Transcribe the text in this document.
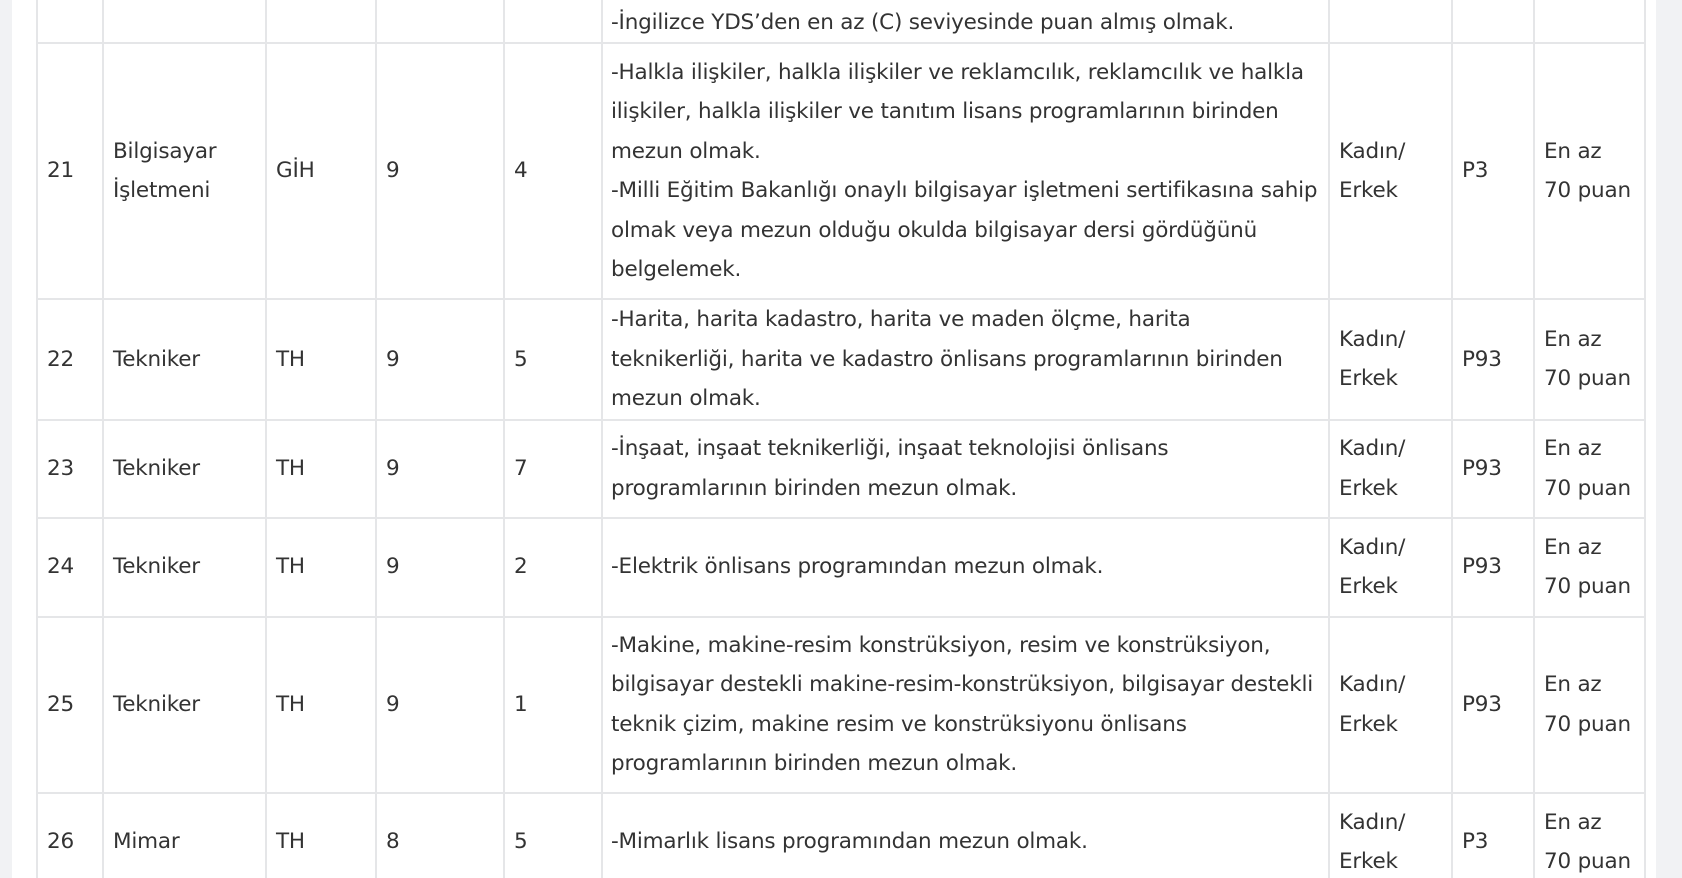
					-İngilizce YDS’den en az (C) seviyesinde puan almış olmak.			

21	Bilgisayar İşletmeni	GİH	9	4	-Halkla ilişkiler, halkla ilişkiler ve reklamcılık, reklamcılık ve halkla ilişkiler, halkla ilişkiler ve tanıtım lisans programlarının birinden mezun olmak.
-Milli Eğitim Bakanlığı onaylı bilgisayar işletmeni sertifikasına sahip olmak veya mezun olduğu okulda bilgisayar dersi gördüğünü belgelemek.	Kadın/ Erkek	P3	En az 70 puan

22	Tekniker	TH	9	5	-Harita, harita kadastro, harita ve maden ölçme, harita teknikerliği, harita ve kadastro önlisans programlarının birinden mezun olmak.	Kadın/ Erkek	P93	En az 70 puan

23	Tekniker	TH	9	7	-İnşaat, inşaat teknikerliği, inşaat teknolojisi önlisans programlarının birinden mezun olmak.	Kadın/ Erkek	P93	En az 70 puan

24	Tekniker	TH	9	2	-Elektrik önlisans programından mezun olmak.	Kadın/ Erkek	P93	En az 70 puan

25	Tekniker	TH	9	1	-Makine, makine-resim konstrüksiyon, resim ve konstrüksiyon, bilgisayar destekli makine-resim-konstrüksiyon, bilgisayar destekli teknik çizim, makine resim ve konstrüksiyonu önlisans programlarının birinden mezun olmak.	Kadın/ Erkek	P93	En az 70 puan

26	Mimar	TH	8	5	-Mimarlık lisans programından mezun olmak.	Kadın/ Erkek	P3	En az 70 puan
